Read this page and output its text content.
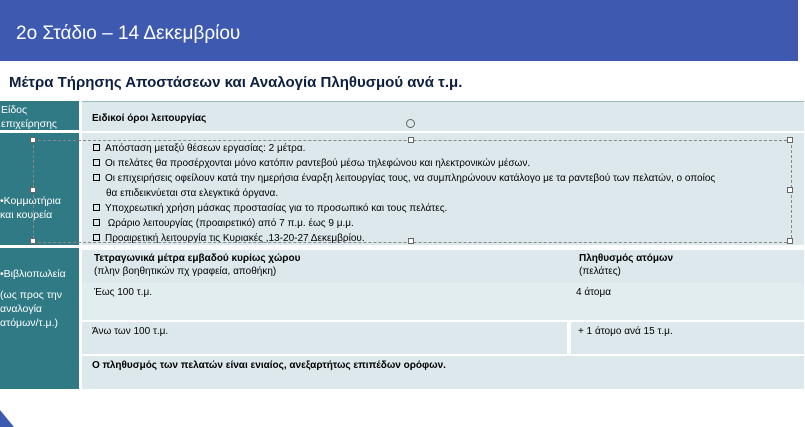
2ο Στάδιο – 14 Δεκεμβρίου
Μέτρα Τήρησης Αποστάσεων και Αναλογία Πληθυσμού ανά τ.μ.
Είδος
επιχείρησης	Ειδικοί όροι λειτουργίας
•Κομμωτήρια
και κουρεία
Απόσταση μεταξύ θέσεων εργασίας: 2 μέτρα.
Οι πελάτες θα προσέρχονται μόνο κατόπιν ραντεβού μέσω τηλεφώνου και ηλεκτρονικών μέσων.
Οι επιχειρήσεις οφείλουν κατά την ημερήσια έναρξη λειτουργίας τους, να συμπληρώνουν κατάλογο με τα ραντεβού των πελατών, ο οποίος
θα επιδεικνύεται στα ελεγκτικά όργανα.
Υποχρεωτική χρήση μάσκας προστασίας για το προσωπικό και τους πελάτες.
Ωράριο λειτουργίας (προαιρετικό) από 7 π.μ. έως 9 μ.μ.
Προαιρετική λειτουργία τις Κυριακές ,13-20-27 Δεκεμβρίου.
•Βιβλιοπωλεία
(ως προς την
αναλογία
ατόμων/τ.μ.)
Τετραγωνικά μέτρα εμβαδού κυρίως χώρου
(πλην βοηθητικών πχ γραφεία, αποθήκη)
Πληθυσμός ατόμων
(πελάτες)
Έως 100 τ.μ.	4 άτομα
Άνω των 100 τ.μ.	+ 1 άτομο ανά 15 τ.μ.
Ο πληθυσμός των πελατών είναι ενιαίος, ανεξαρτήτως επιπέδων ορόφων.
